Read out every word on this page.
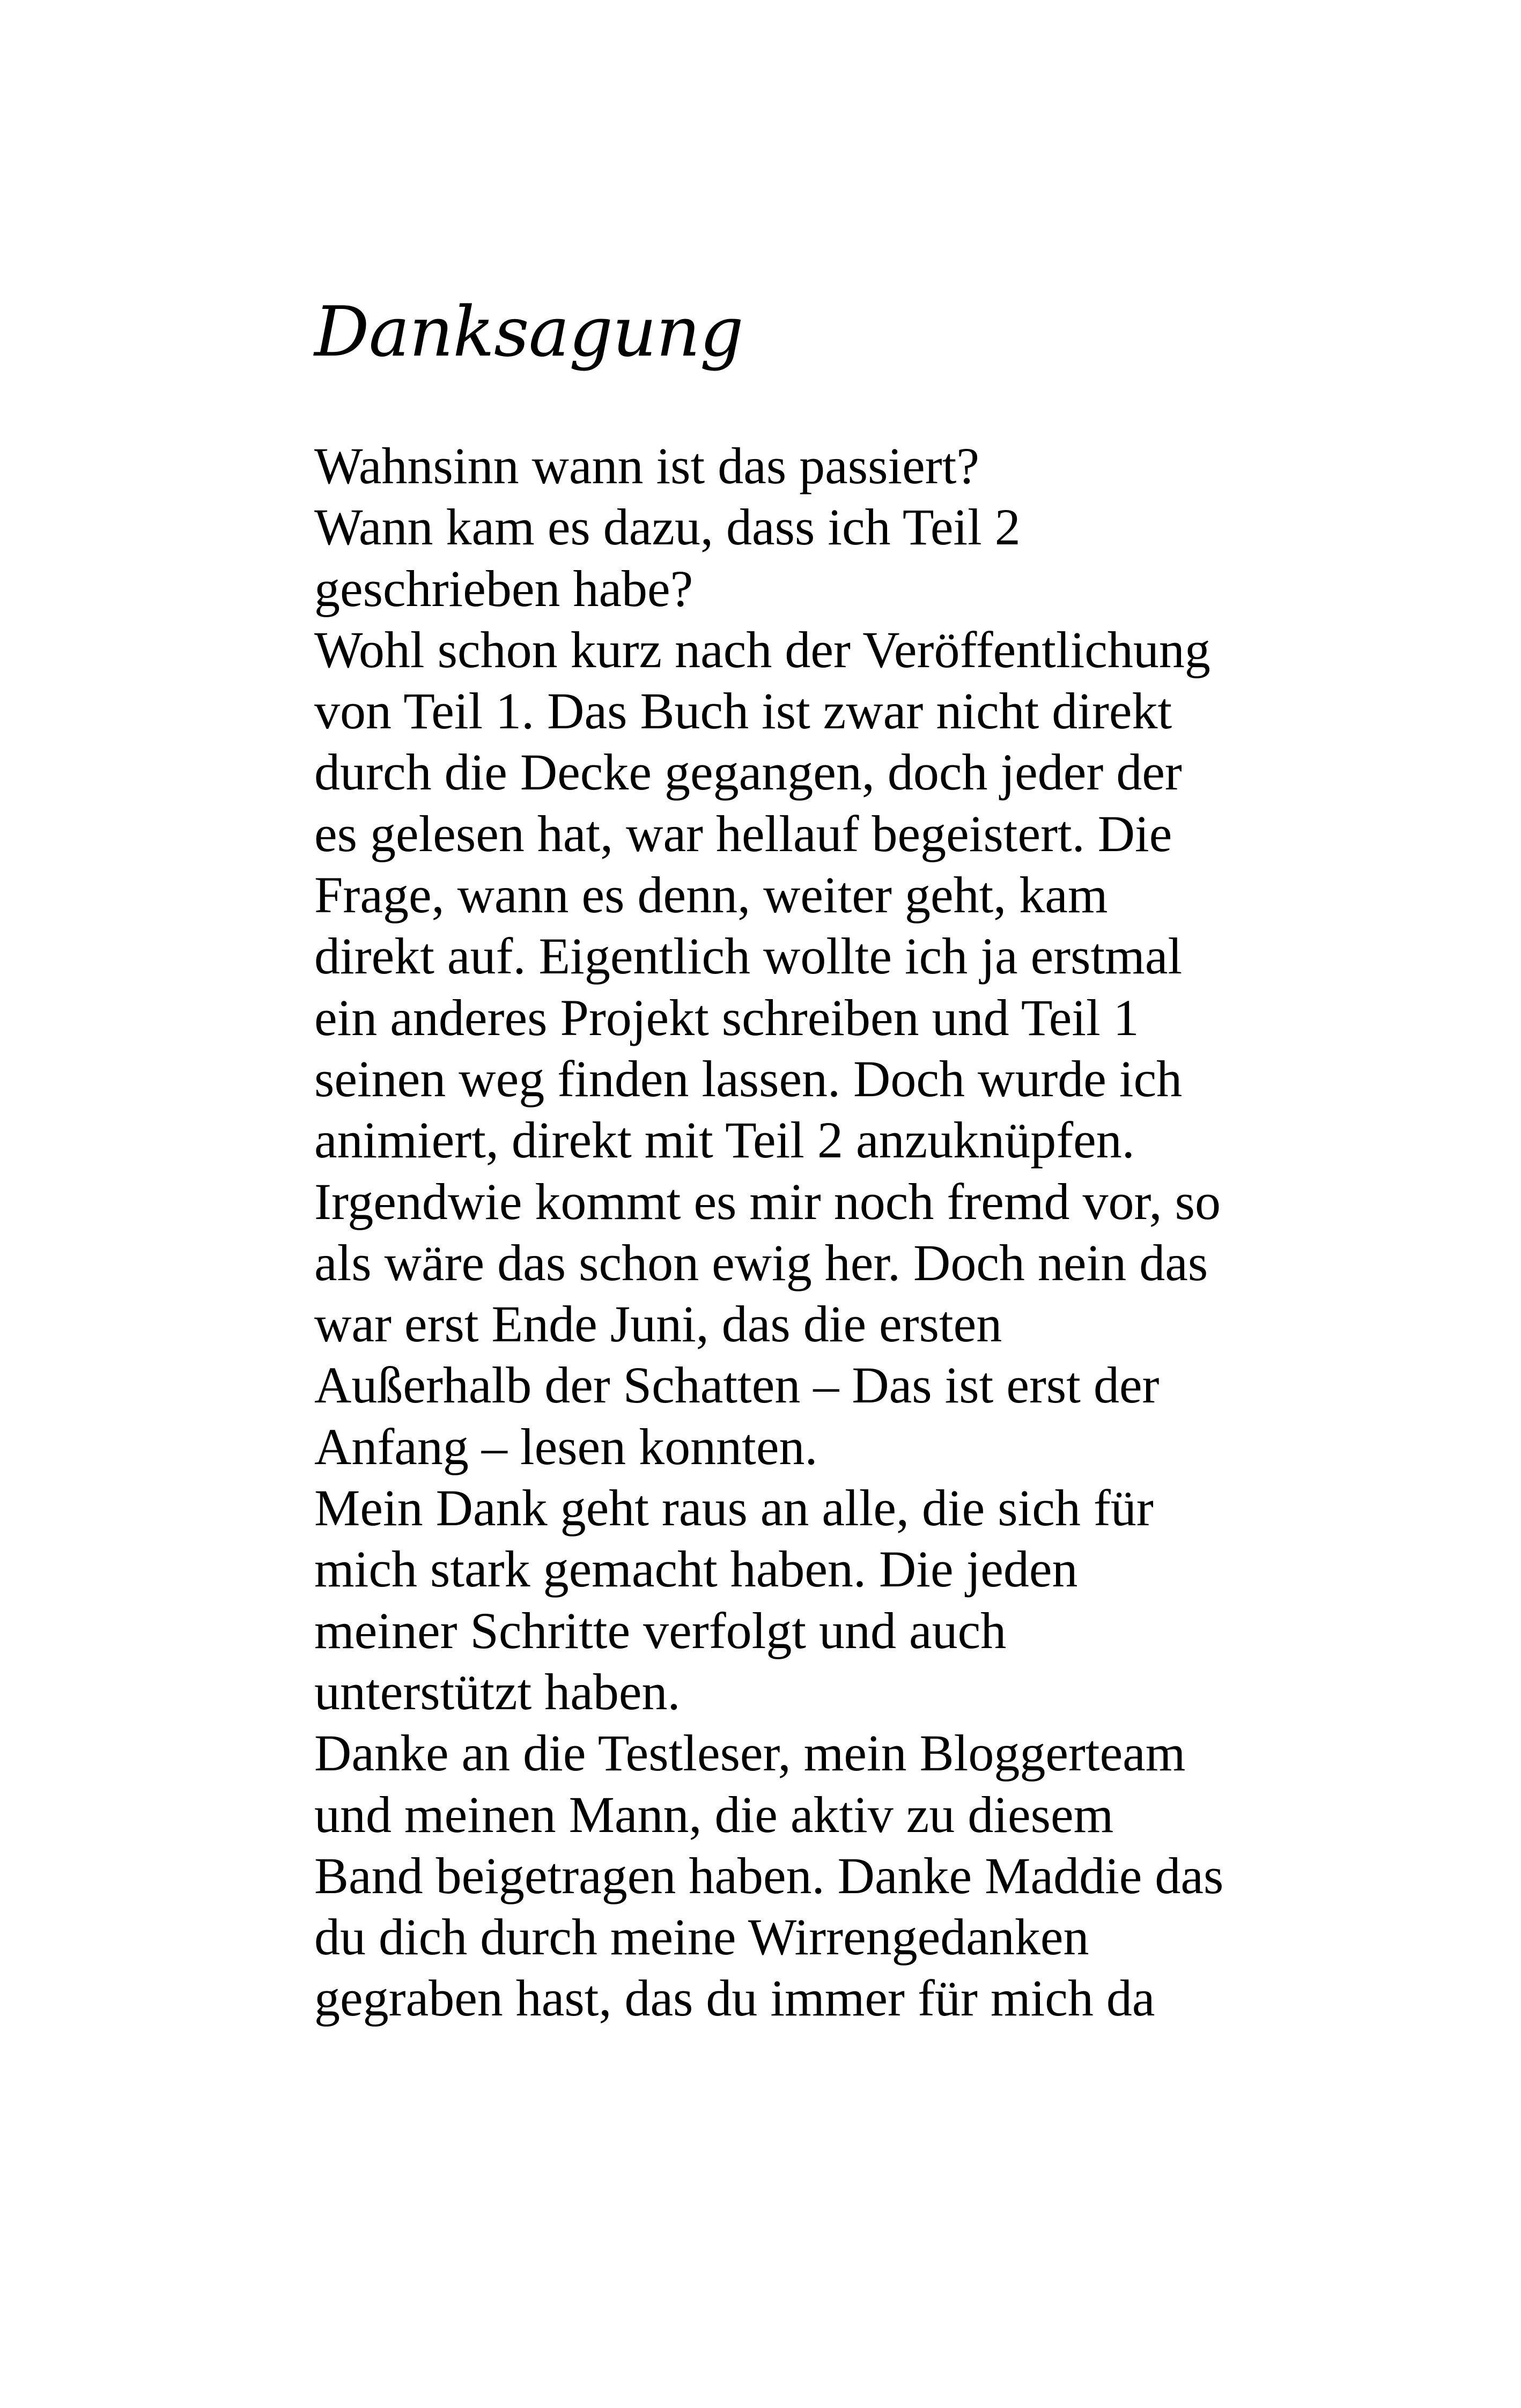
Danksagung
Wahnsinn wann ist das passiert?
Wann kam es dazu, dass ich Teil 2
geschrieben habe?
Wohl schon kurz nach der Veröffentlichung
von Teil 1. Das Buch ist zwar nicht direkt
durch die Decke gegangen, doch jeder der
es gelesen hat, war hellauf begeistert. Die
Frage, wann es denn, weiter geht, kam
direkt auf. Eigentlich wollte ich ja erstmal
ein anderes Projekt schreiben und Teil 1
seinen weg finden lassen. Doch wurde ich
animiert, direkt mit Teil 2 anzuknüpfen.
Irgendwie kommt es mir noch fremd vor, so
als wäre das schon ewig her. Doch nein das
war erst Ende Juni, das die ersten
Außerhalb der Schatten – Das ist erst der
Anfang – lesen konnten.
Mein Dank geht raus an alle, die sich für
mich stark gemacht haben. Die jeden
meiner Schritte verfolgt und auch
unterstützt haben.
Danke an die Testleser, mein Bloggerteam
und meinen Mann, die aktiv zu diesem
Band beigetragen haben. Danke Maddie das
du dich durch meine Wirrengedanken
gegraben hast, das du immer für mich da
